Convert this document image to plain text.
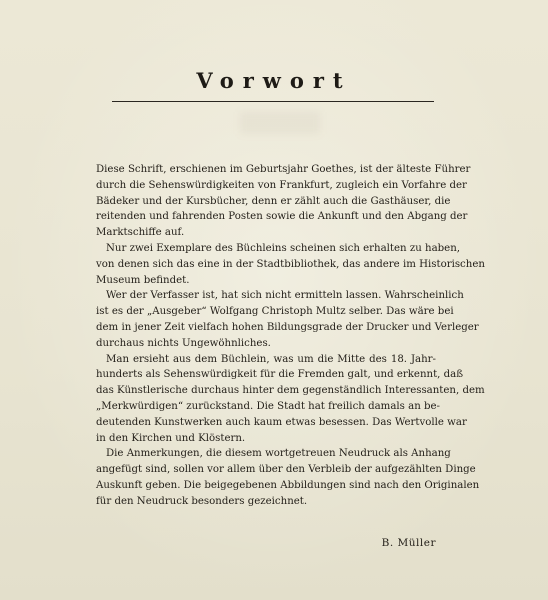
Vorwort
Diese Schrift, erschienen im Geburtsjahr Goethes, ist der älteste Führer
durch die Sehenswürdigkeiten von Frankfurt, zugleich ein Vorfahre der
Bädeker und der Kursbücher, denn er zählt auch die Gasthäuser, die
reitenden und fahrenden Posten sowie die Ankunft und den Abgang der
Marktschiffe auf.
Nur zwei Exemplare des Büchleins scheinen sich erhalten zu haben,
von denen sich das eine in der Stadtbibliothek, das andere im Historischen
Museum befindet.
Wer der Verfasser ist, hat sich nicht ermitteln lassen. Wahrscheinlich
ist es der „Ausgeber“ Wolfgang Christoph Multz selber. Das wäre bei
dem in jener Zeit vielfach hohen Bildungsgrade der Drucker und Verleger
durchaus nichts Ungewöhnliches.
Man ersieht aus dem Büchlein, was um die Mitte des 18. Jahr-
hunderts als Sehenswürdigkeit für die Fremden galt, und erkennt, daß
das Künstlerische durchaus hinter dem gegenständlich Interessanten, dem
„Merkwürdigen“ zurückstand. Die Stadt hat freilich damals an be-
deutenden Kunstwerken auch kaum etwas besessen. Das Wertvolle war
in den Kirchen und Klöstern.
Die Anmerkungen, die diesem wortgetreuen Neudruck als Anhang
angefügt sind, sollen vor allem über den Verbleib der aufgezählten Dinge
Auskunft geben. Die beigegebenen Abbildungen sind nach den Originalen
für den Neudruck besonders gezeichnet.
B. Müller
